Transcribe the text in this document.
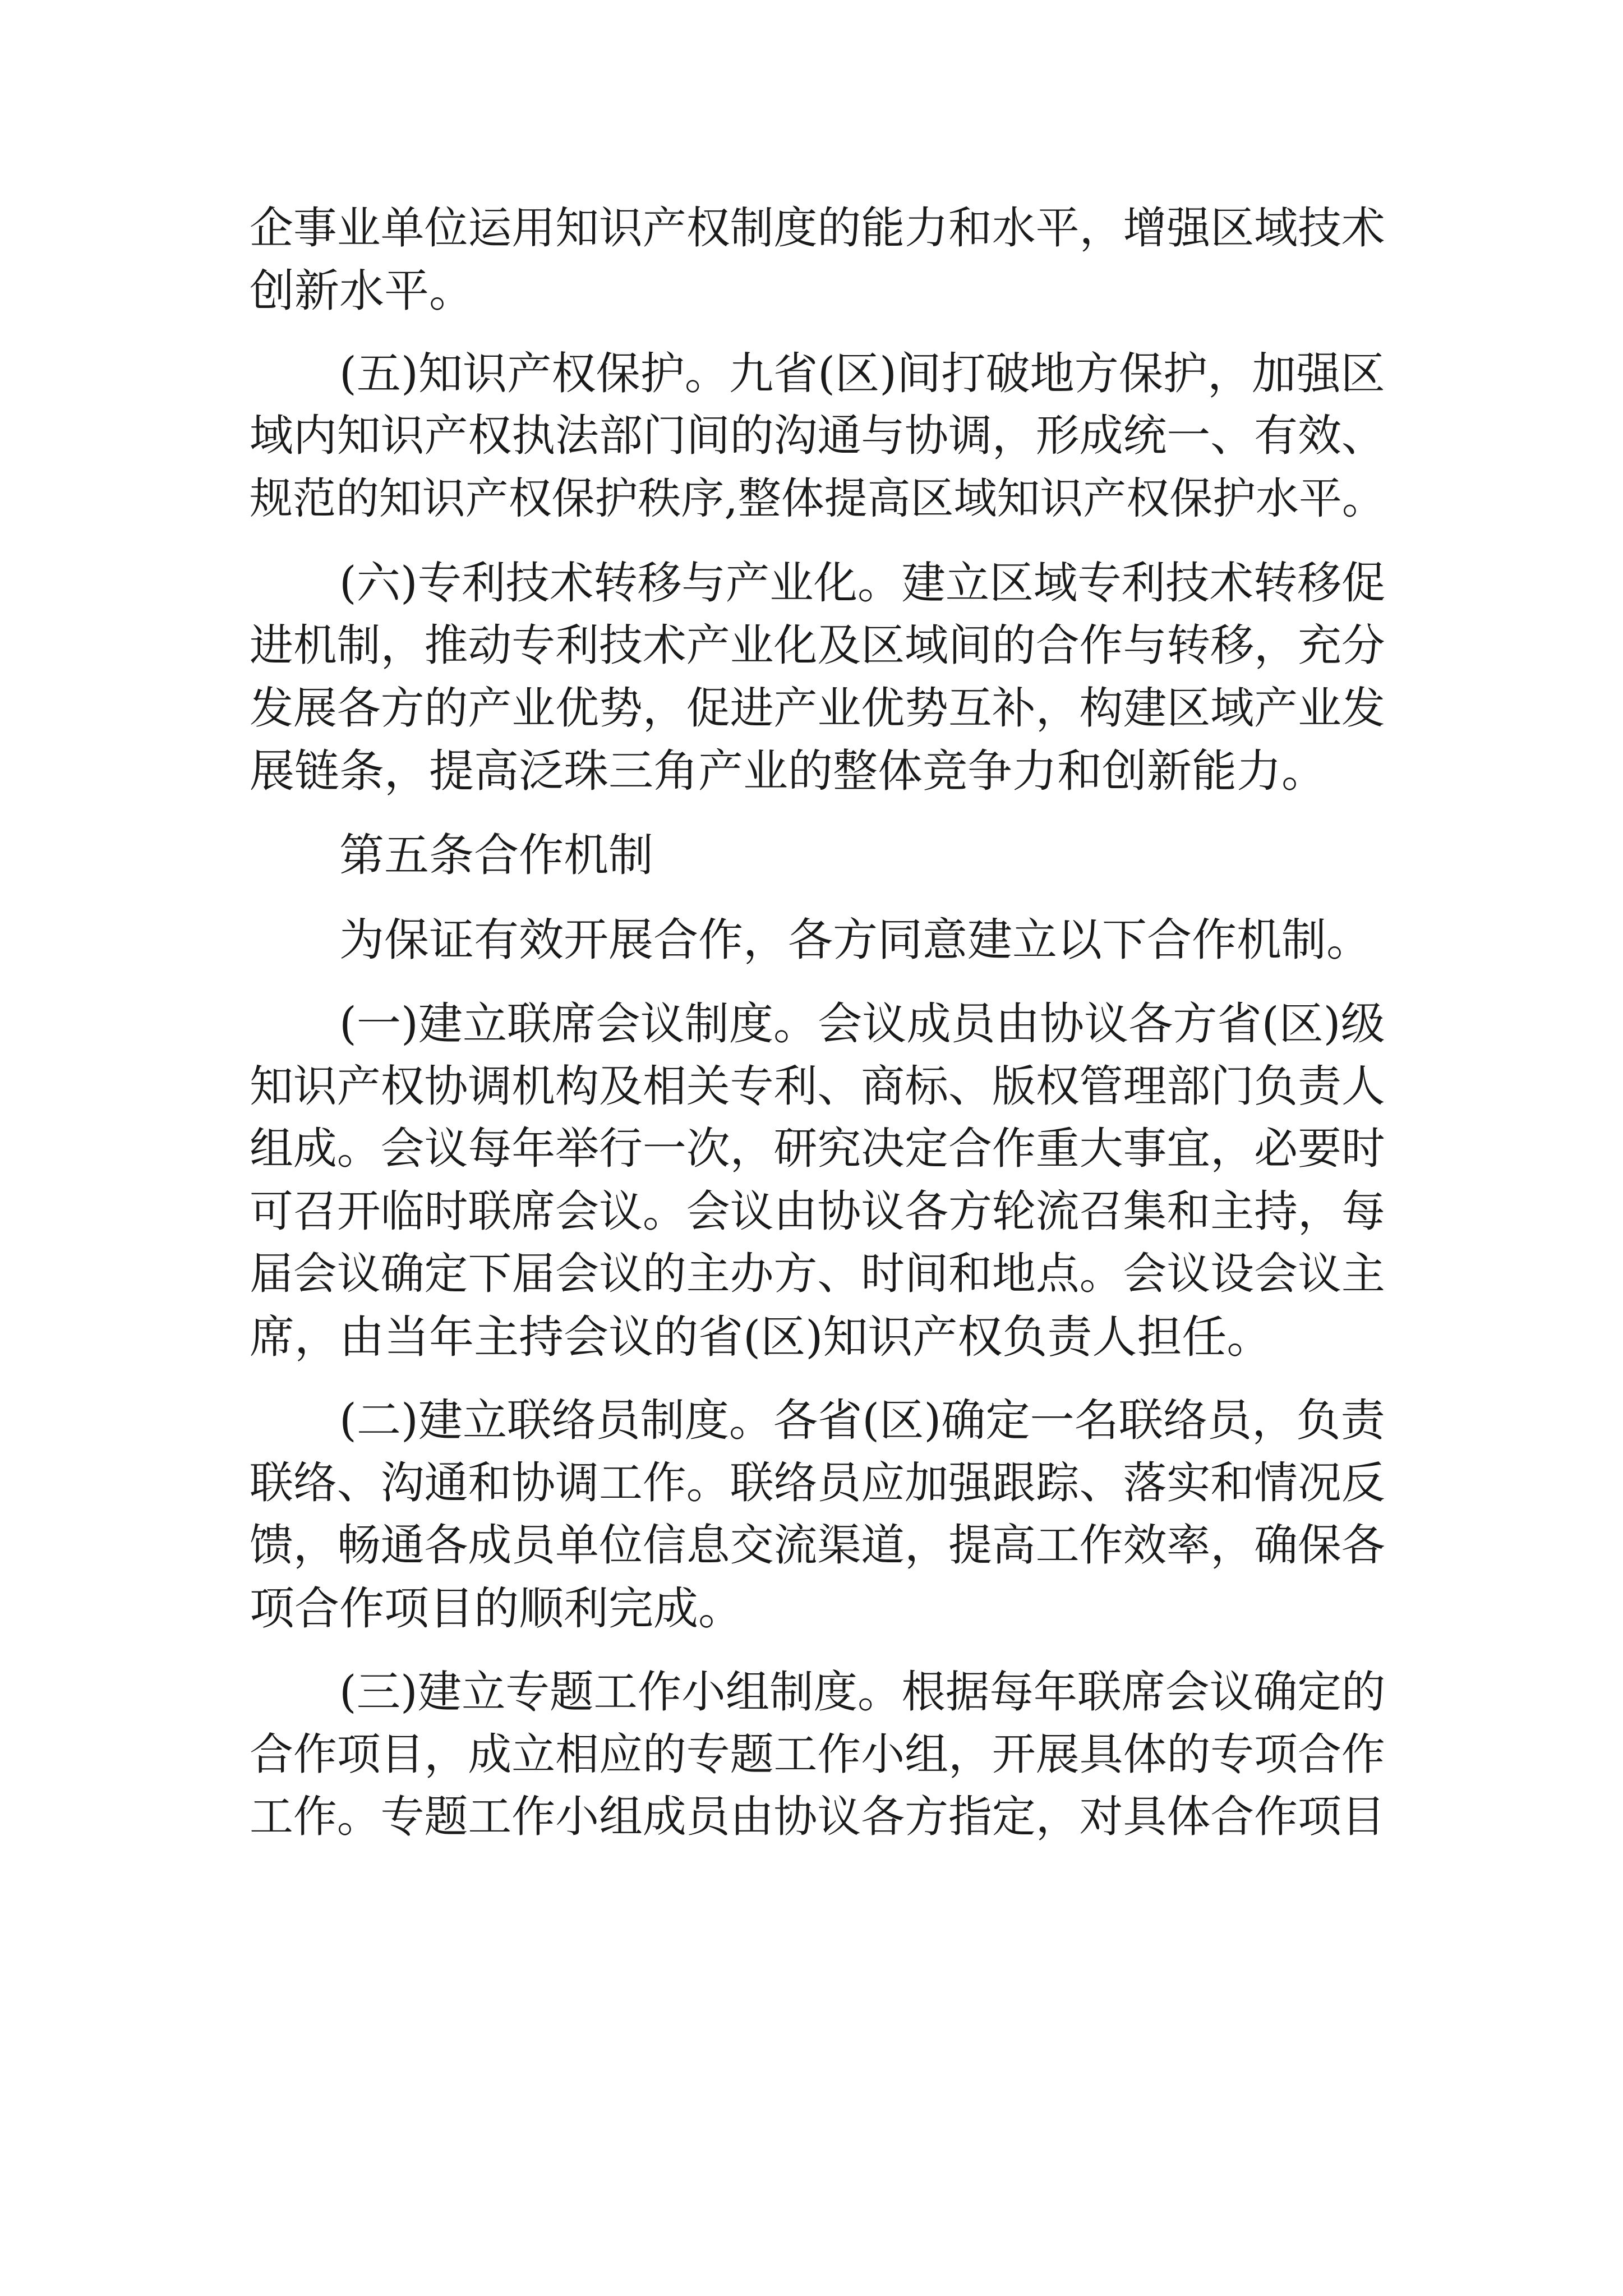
企事业单位运用知识产权制度的能力和水平，增强区域技术
创新水平。
(五)知识产权保护。九省(区)间打破地方保护，加强区
域内知识产权执法部门间的沟通与协调，形成统一、有效、
规范的知识产权保护秩序,整体提高区域知识产权保护水平。
(六)专利技术转移与产业化。建立区域专利技术转移促
进机制，推动专利技术产业化及区域间的合作与转移，充分
发展各方的产业优势，促进产业优势互补，构建区域产业发
展链条，提高泛珠三角产业的整体竞争力和创新能力。
第五条合作机制
为保证有效开展合作，各方同意建立以下合作机制。
(一)建立联席会议制度。会议成员由协议各方省(区)级
知识产权协调机构及相关专利、商标、版权管理部门负责人
组成。会议每年举行一次，研究决定合作重大事宜，必要时
可召开临时联席会议。会议由协议各方轮流召集和主持，每
届会议确定下届会议的主办方、时间和地点。会议设会议主
席，由当年主持会议的省(区)知识产权负责人担任。
(二)建立联络员制度。各省(区)确定一名联络员，负责
联络、沟通和协调工作。联络员应加强跟踪、落实和情况反
馈，畅通各成员单位信息交流渠道，提高工作效率，确保各
项合作项目的顺利完成。
(三)建立专题工作小组制度。根据每年联席会议确定的
合作项目，成立相应的专题工作小组，开展具体的专项合作
工作。专题工作小组成员由协议各方指定，对具体合作项目
